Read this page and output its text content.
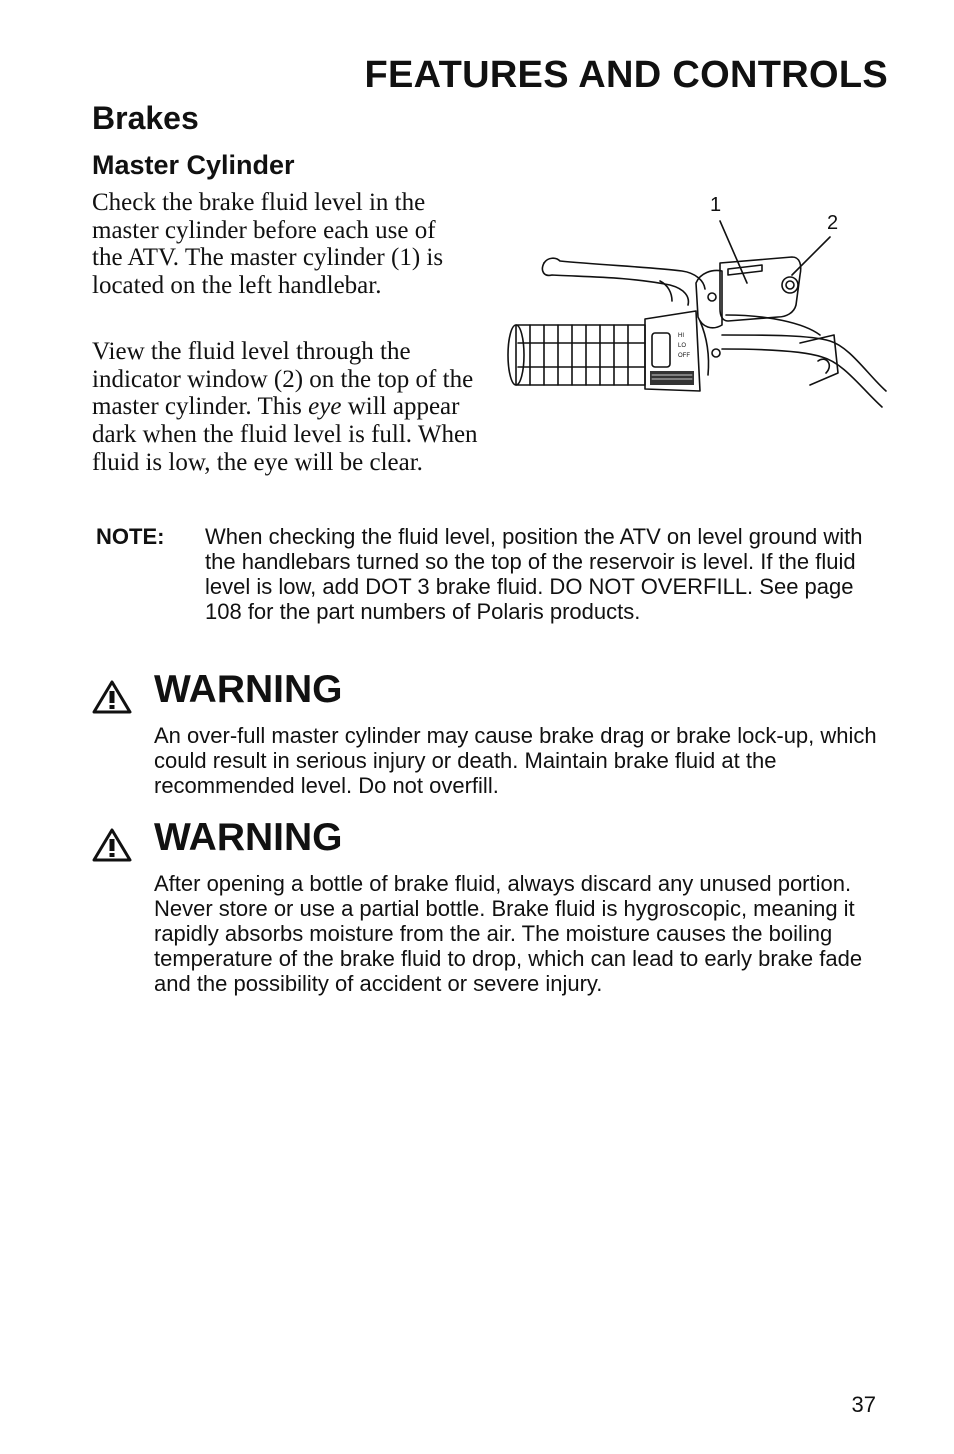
FEATURES AND CONTROLS
Brakes
Master Cylinder

Check the brake fluid level in the master cylinder before each use of the ATV. The master cylinder (1) is located on the left handlebar.

View the fluid level through the indicator window (2) on the top of the master cylinder. This eye will appear dark when the fluid level is full. When fluid is low, the eye will be clear.

1
2
HI
LO
OFF
NOTE: When checking the fluid level, position the ATV on level ground with the handlebars turned so the top of the reservoir is level. If the fluid level is low, add DOT 3 brake fluid. DO NOT OVERFILL. See page 108 for the part numbers of Polaris products.

WARNING

An over-full master cylinder may cause brake drag or brake lock-up, which could result in serious injury or death. Maintain brake fluid at the recommended level. Do not overfill.

WARNING

After opening a bottle of brake fluid, always discard any unused portion. Never store or use a partial bottle. Brake fluid is hygroscopic, meaning it rapidly absorbs moisture from the air. The moisture causes the boiling temperature of the brake fluid to drop, which can lead to early brake fade and the possibility of accident or severe injury.

37
